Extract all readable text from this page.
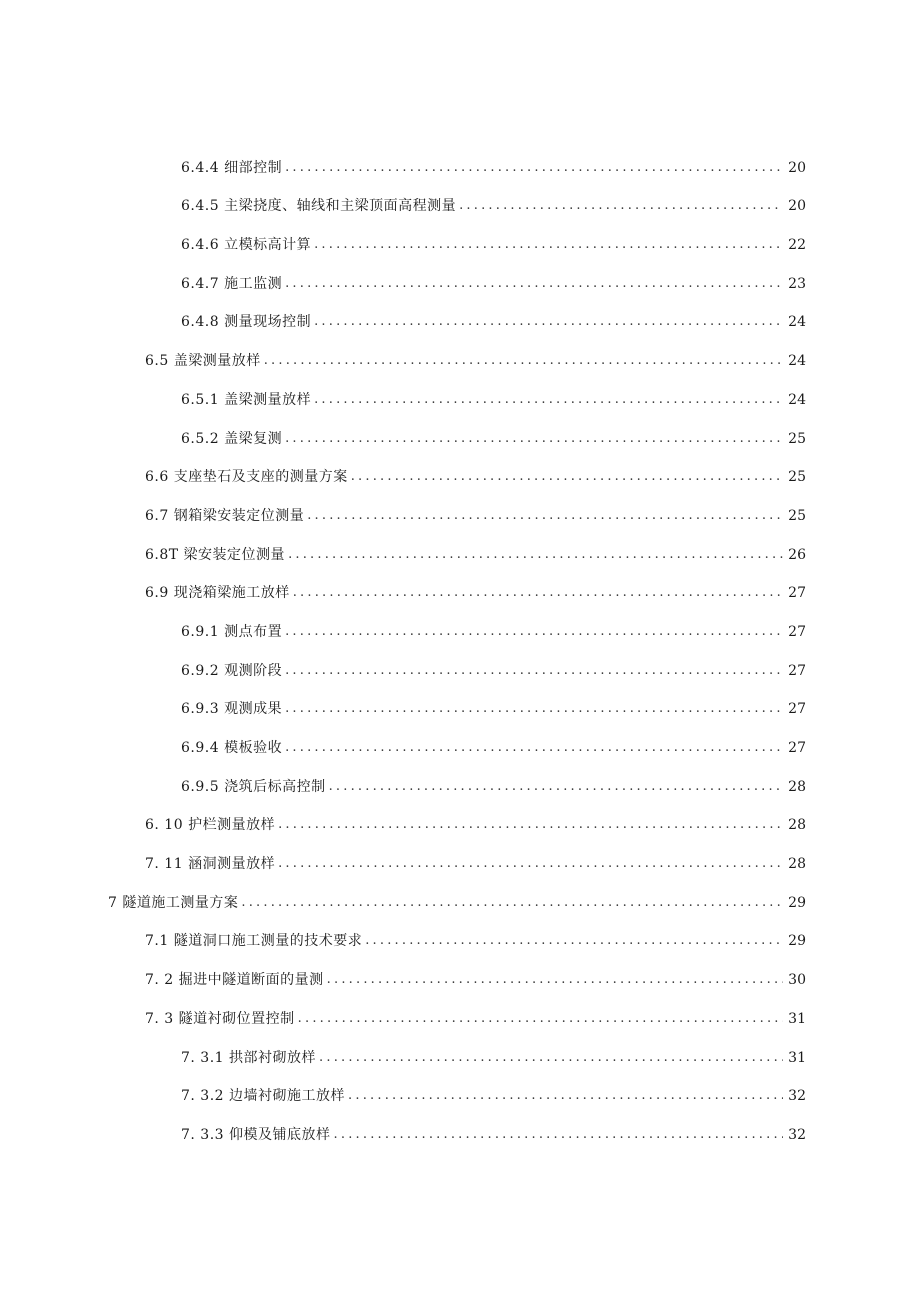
6.4.4 细部控制 .....	20
6.4.5 主梁挠度、轴线和主梁顶面高程测量 .....	20
6.4.6 立模标高计算 .....	22
6.4.7 施工监测 .....	23
6.4.8 测量现场控制 .....	24
6.5 盖梁测量放样 .....	24
6.5.1 盖梁测量放样 .....	24
6.5.2 盖梁复测 .....	25
6.6 支座垫石及支座的测量方案 .....	25
6.7 钢箱梁安装定位测量 .....	25
6.8T 梁安装定位测量 .....	26
6.9 现浇箱梁施工放样 .....	27
6.9.1 测点布置 .....	27
6.9.2 观测阶段 .....	27
6.9.3 观测成果 .....	27
6.9.4 模板验收 .....	27
6.9.5 浇筑后标高控制 .....	28
6. 10 护栏测量放样 .....	28
7. 11 涵洞测量放样 .....	28
7 隧道施工测量方案 .....	29
7.1 隧道洞口施工测量的技术要求 .....	29
7. 2 掘进中隧道断面的量测 .....	30
7. 3 隧道衬砌位置控制 .....	31
7. 3.1 拱部衬砌放样 .....	31
7. 3.2 边墙衬砌施工放样 .....	32
7. 3.3 仰模及铺底放样 .....	32
